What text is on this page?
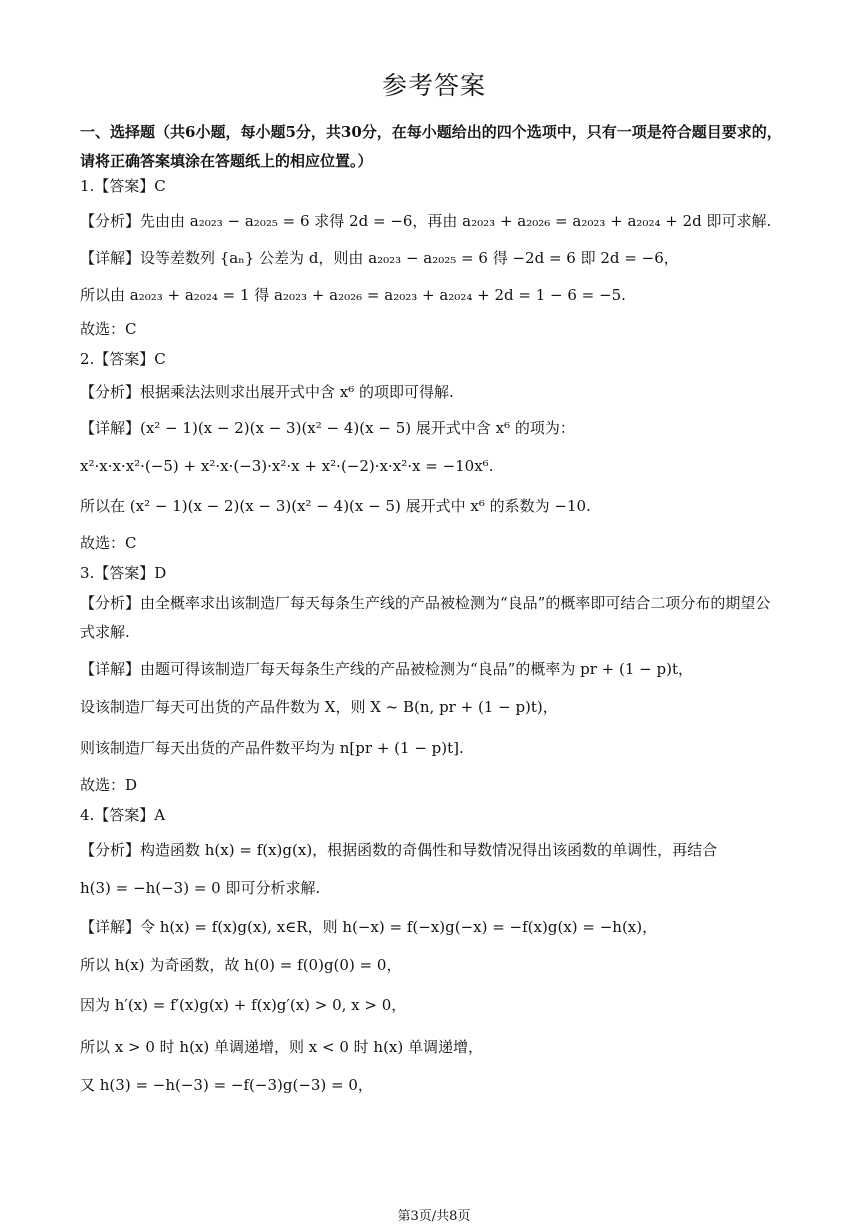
参考答案
一、选择题（共6小题，每小题5分，共30分，在每小题给出的四个选项中，只有一项是符合题目要求的，请将正确答案填涂在答题纸上的相应位置。）
1.【答案】C
【分析】先由由 a₂₀₂₃ − a₂₀₂₅ = 6 求得 2d = −6，再由 a₂₀₂₃ + a₂₀₂₆ = a₂₀₂₃ + a₂₀₂₄ + 2d 即可求解.
【详解】设等差数列 {aₙ} 公差为 d，则由 a₂₀₂₃ − a₂₀₂₅ = 6 得 −2d = 6 即 2d = −6，
所以由 a₂₀₂₃ + a₂₀₂₄ = 1 得 a₂₀₂₃ + a₂₀₂₆ = a₂₀₂₃ + a₂₀₂₄ + 2d = 1 − 6 = −5.
故选：C
2.【答案】C
【分析】根据乘法法则求出展开式中含 x⁶ 的项即可得解.
【详解】(x² − 1)(x − 2)(x − 3)(x² − 4)(x − 5) 展开式中含 x⁶ 的项为：
x²·x·x·x²·(−5) + x²·x·(−3)·x²·x + x²·(−2)·x·x²·x = −10x⁶.
所以在 (x² − 1)(x − 2)(x − 3)(x² − 4)(x − 5) 展开式中 x⁶ 的系数为 −10.
故选：C
3.【答案】D
【分析】由全概率求出该制造厂每天每条生产线的产品被检测为“良品”的概率即可结合二项分布的期望公
式求解.
【详解】由题可得该制造厂每天每条生产线的产品被检测为“良品”的概率为 pr + (1 − p)t，
设该制造厂每天可出货的产品件数为 X，则 X ~ B(n, pr + (1 − p)t)，
则该制造厂每天出货的产品件数平均为 n[pr + (1 − p)t].
故选：D
4.【答案】A
【分析】构造函数 h(x) = f(x)g(x)，根据函数的奇偶性和导数情况得出该函数的单调性，再结合
h(3) = −h(−3) = 0 即可分析求解.
【详解】令 h(x) = f(x)g(x), x∈R，则 h(−x) = f(−x)g(−x) = −f(x)g(x) = −h(x)，
所以 h(x) 为奇函数，故 h(0) = f(0)g(0) = 0，
因为 h′(x) = f′(x)g(x) + f(x)g′(x) > 0, x > 0，
所以 x > 0 时 h(x) 单调递增，则 x < 0 时 h(x) 单调递增，
又 h(3) = −h(−3) = −f(−3)g(−3) = 0，
第3页/共8页
